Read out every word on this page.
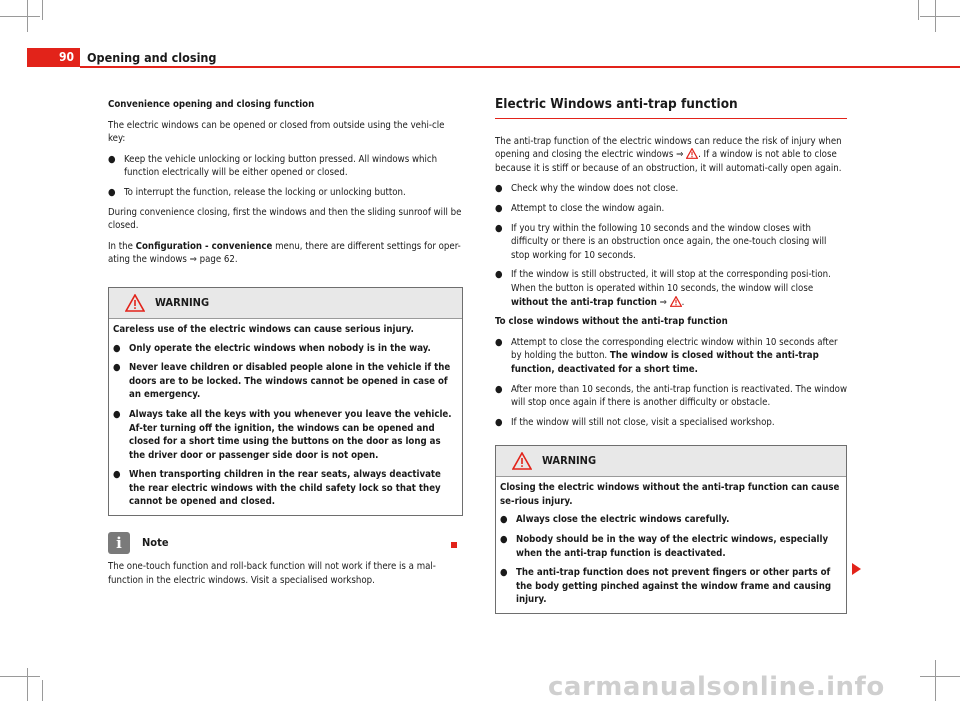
90	Opening and closing

Convenience opening and closing function

The electric windows can be opened or closed from outside using the vehi-cle key:

● Keep the vehicle unlocking or locking button pressed. All windows which function electrically will be either opened or closed.
● To interrupt the function, release the locking or unlocking button.

During convenience closing, first the windows and then the sliding sunroof will be closed.

In the Configuration - convenience menu, there are different settings for oper-ating the windows ⇒ page 62.

WARNING

Careless use of the electric windows can cause serious injury.

● Only operate the electric windows when nobody is in the way.
● Never leave children or disabled people alone in the vehicle if the doors are to be locked. The windows cannot be opened in case of an emergency.
● Always take all the keys with you whenever you leave the vehicle. Af-ter turning off the ignition, the windows can be opened and closed for a short time using the buttons on the door as long as the driver door or passenger side door is not open.
● When transporting children in the rear seats, always deactivate the rear electric windows with the child safety lock so that they cannot be opened and closed.
i	Note

The one-touch function and roll-back function will not work if there is a mal-function in the electric windows. Visit a specialised workshop.

Electric Windows anti-trap function

The anti-trap function of the electric windows can reduce the risk of injury when opening and closing the electric windows ⇒ . If a window is not able to close because it is stiff or because of an obstruction, it will automati-cally open again.

● Check why the window does not close.
● Attempt to close the window again.
● If you try within the following 10 seconds and the window closes with difficulty or there is an obstruction once again, the one-touch closing will stop working for 10 seconds.
● If the window is still obstructed, it will stop at the corresponding posi-tion. When the button is operated within 10 seconds, the window will close without the anti-trap function ⇒ .

To close windows without the anti-trap function

● Attempt to close the corresponding electric window within 10 seconds after by holding the button. The window is closed without the anti-trap function, deactivated for a short time.
● After more than 10 seconds, the anti-trap function is reactivated. The window will stop once again if there is another difficulty or obstacle.
● If the window will still not close, visit a specialised workshop.
WARNING

Closing the electric windows without the anti-trap function can cause se-rious injury.

● Always close the electric windows carefully.
● Nobody should be in the way of the electric windows, especially when the anti-trap function is deactivated.
● The anti-trap function does not prevent fingers or other parts of the body getting pinched against the window frame and causing injury.
carmanualsonline.info
